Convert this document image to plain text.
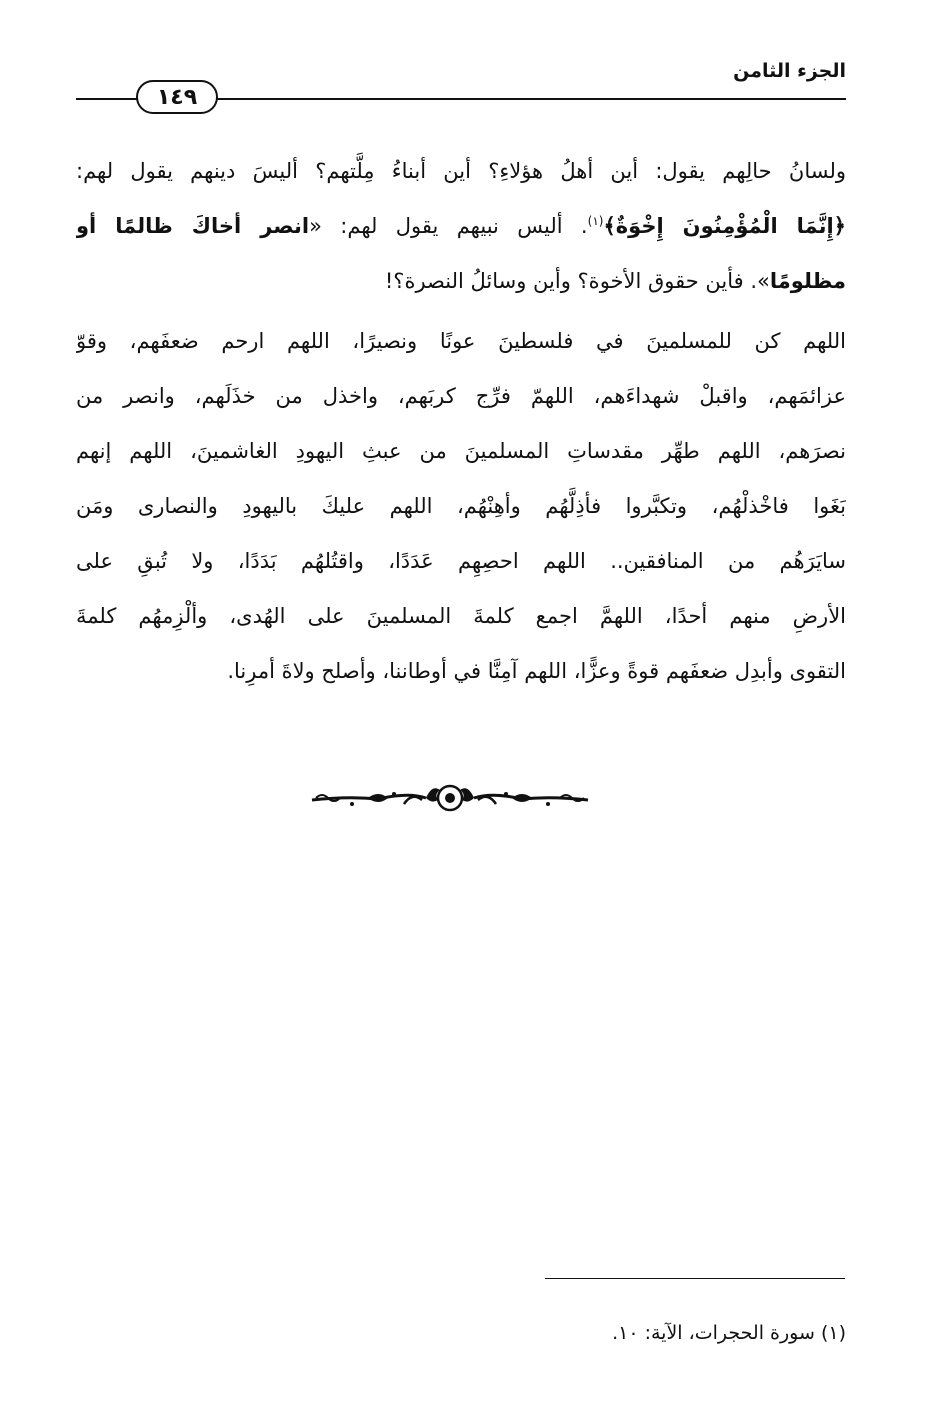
الجزء الثامن
١٤٩
ولسانُ حالِهم يقول: أين أهلُ هؤلاءِ؟ أين أبناءُ مِلَّتهم؟ أليسَ دينهم يقول لهم:
﴿إِنَّمَا الْمُؤْمِنُونَ إِخْوَةٌ﴾$^{(١)}$. أليس نبيهم يقول لهم: «انصر أخاكَ ظالمًا أو
مظلومًا». فأين حقوق الأخوة؟ وأين وسائلُ النصرة؟!
اللهم كن للمسلمينَ في فلسطينَ عونًا ونصيرًا، اللهم ارحم ضعفَهم، وقوّ
عزائمَهم، واقبلْ شهداءَهم، اللهمّ فرِّج كربَهم، واخذل من خذَلَهم، وانصر من
نصرَهم، اللهم طهِّر مقدساتِ المسلمينَ من عبثِ اليهودِ الغاشمينَ، اللهم إنهم
بَغَوا فاخْذلْهُم، وتكبَّروا فأذِلَّهُم وأهِنْهُم، اللهم عليكَ باليهودِ والنصارى ومَن
سايَرَهُم من المنافقين.. اللهم احصِهِم عَدَدًا، واقتُلهُم بَدَدًا، ولا تُبقِ على
الأرضِ منهم أحدًا، اللهمَّ اجمع كلمةَ المسلمينَ على الهُدى، وألْزِمهُم كلمةَ
التقوى وأبدِل ضعفَهم قوةً وعزًّا، اللهم آمِنَّا في أوطاننا، وأصلح ولاةَ أمرِنا.
(١) سورة الحجرات، الآية: ١٠.
